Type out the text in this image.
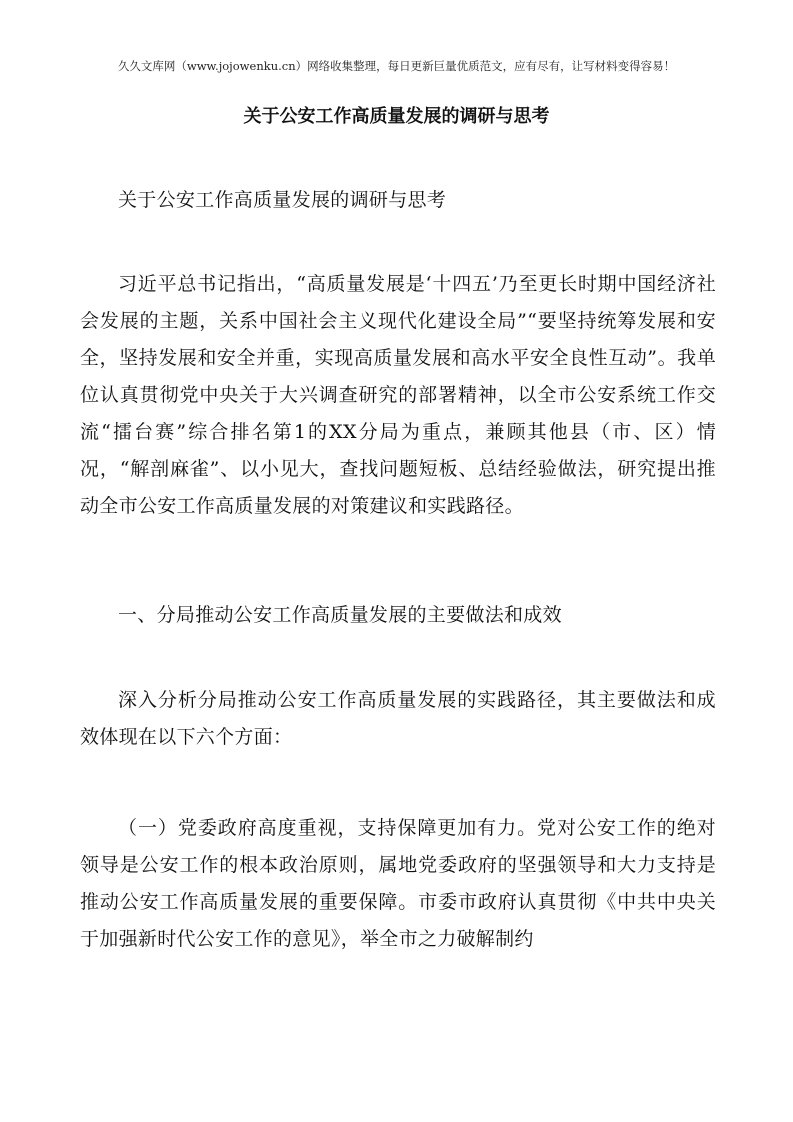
久久文库网（www.jojowenku.cn）网络收集整理，每日更新巨量优质范文，应有尽有，让写材料变得容易！
关于公安工作高质量发展的调研与思考

关于公安工作高质量发展的调研与思考

习近平总书记指出，“高质量发展是‘十四五’乃至更长时期中国经济社会发展的主题，关系中国社会主义现代化建设全局”“要坚持统筹发展和安全，坚持发展和安全并重，实现高质量发展和高水平安全良性互动”。我单位认真贯彻党中央关于大兴调查研究的部署精神，以全市公安系统工作交流“擂台赛”综合排名第1的XX分局为重点，兼顾其他县（市、区）情况，“解剖麻雀”、以小见大，查找问题短板、总结经验做法，研究提出推动全市公安工作高质量发展的对策建议和实践路径。

一、分局推动公安工作高质量发展的主要做法和成效

深入分析分局推动公安工作高质量发展的实践路径，其主要做法和成效体现在以下六个方面：

（一）党委政府高度重视，支持保障更加有力。党对公安工作的绝对领导是公安工作的根本政治原则，属地党委政府的坚强领导和大力支持是推动公安工作高质量发展的重要保障。市委市政府认真贯彻《中共中央关于加强新时代公安工作的意见》，举全市之力破解制约
